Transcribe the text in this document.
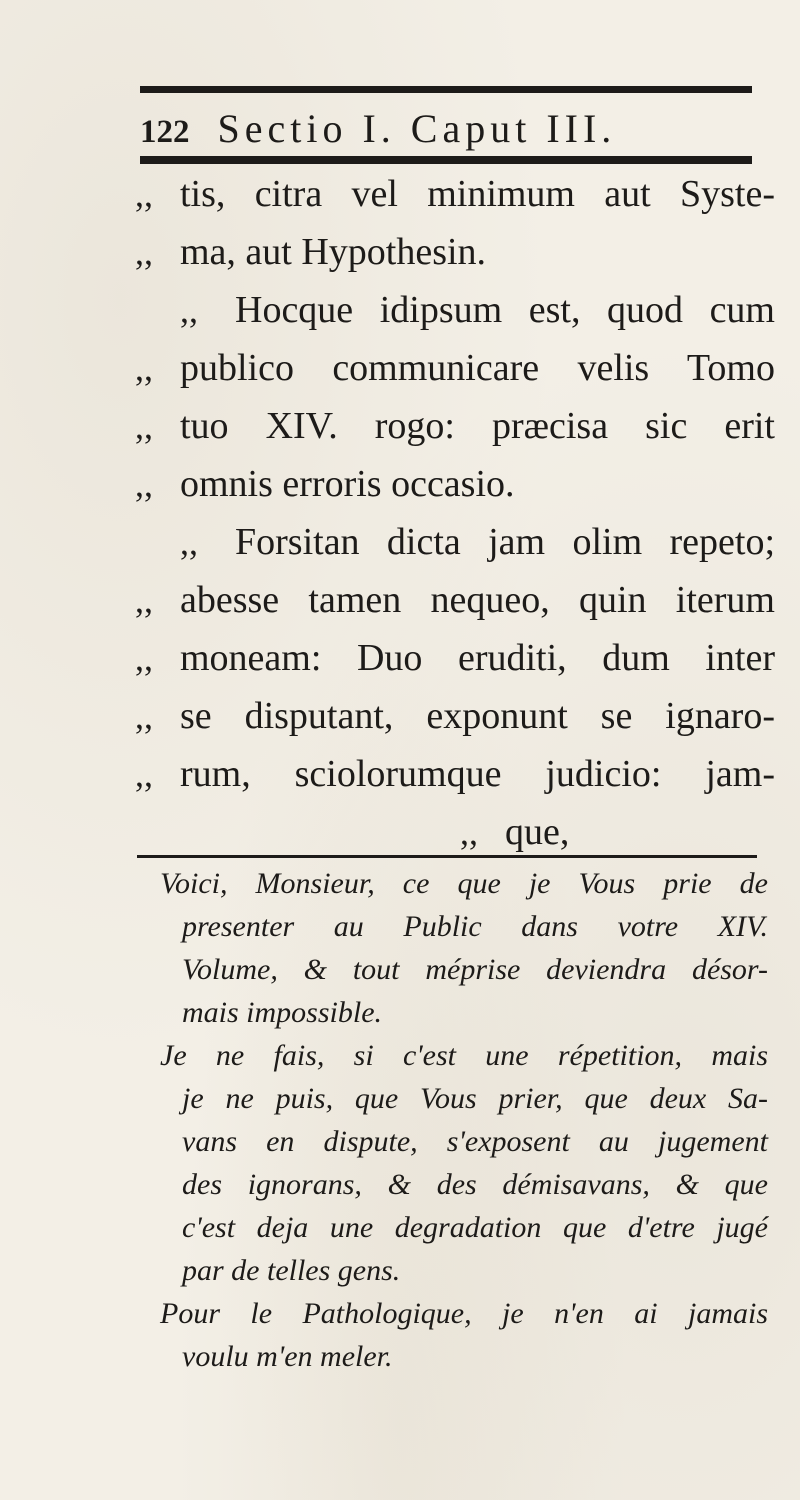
122 Sectio I. Caput III.
,, tis, citra vel minimum aut Syste-
,, ma, aut Hypothesin.
,, Hocque idipsum est, quod cum
,, publico communicare velis Tomo
,, tuo XIV. rogo: præcisa sic erit
,, omnis erroris occasio.
,, Forsitan dicta jam olim repeto;
,, abesse tamen nequeo, quin iterum
,, moneam: Duo eruditi, dum inter
,, se disputant, exponunt se ignaro-
,, rum, sciolorumque judicio: jam-
,, que,
Voici, Monsieur, ce que je Vous prie de
presenter au Public dans votre XIV.
Volume, & tout méprise deviendra désor-
mais impossible.
Je ne fais, si c'est une répetition, mais
je ne puis, que Vous prier, que deux Sa-
vans en dispute, s'exposent au jugement
des ignorans, & des démisavans, & que
c'est deja une degradation que d'etre jugé
par de telles gens.
Pour le Pathologique, je n'en ai jamais
voulu m'en meler.
